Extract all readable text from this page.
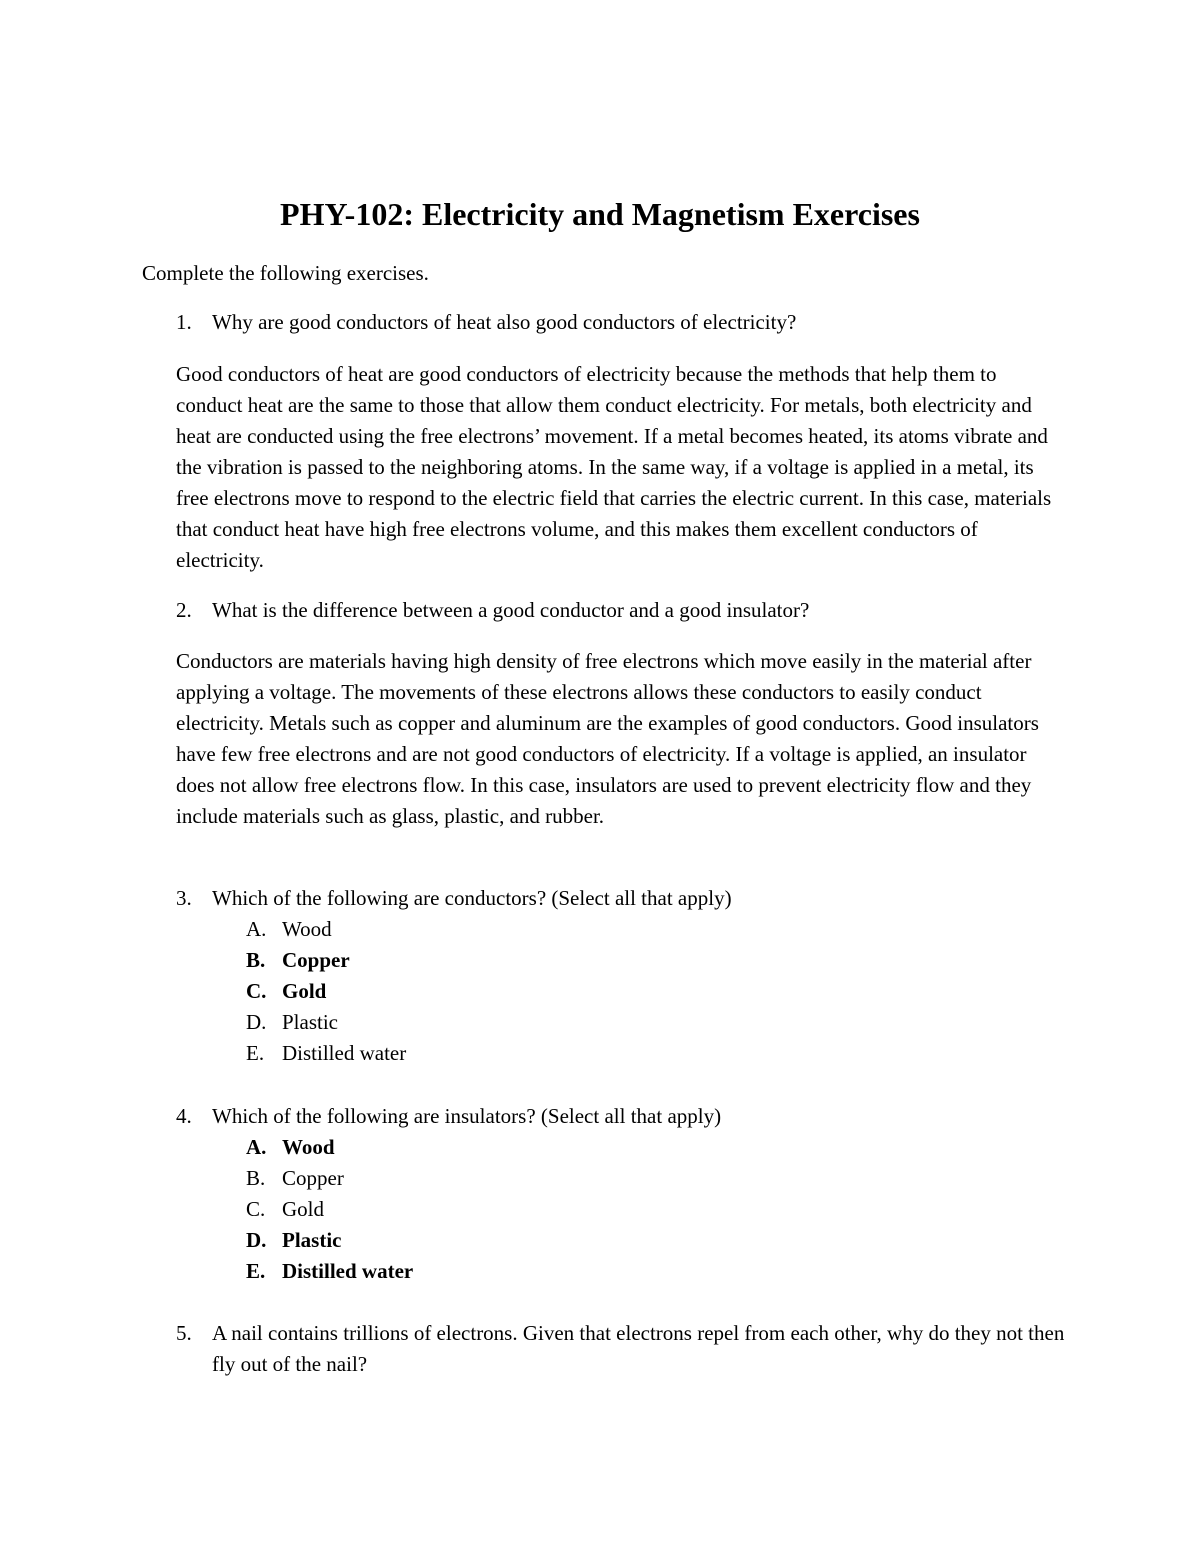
PHY-102: Electricity and Magnetism Exercises

Complete the following exercises.

1. Why are good conductors of heat also good conductors of electricity?

Good conductors of heat are good conductors of electricity because the methods that help them to conduct heat are the same to those that allow them conduct electricity. For metals, both electricity and heat are conducted using the free electrons’ movement. If a metal becomes heated, its atoms vibrate and the vibration is passed to the neighboring atoms. In the same way, if a voltage is applied in a metal, its free electrons move to respond to the electric field that carries the electric current. In this case, materials that conduct heat have high free electrons volume, and this makes them excellent conductors of electricity.

2. What is the difference between a good conductor and a good insulator?

Conductors are materials having high density of free electrons which move easily in the material after applying a voltage. The movements of these electrons allows these conductors to easily conduct electricity. Metals such as copper and aluminum are the examples of good conductors. Good insulators have few free electrons and are not good conductors of electricity. If a voltage is applied, an insulator does not allow free electrons flow. In this case, insulators are used to prevent electricity flow and they include materials such as glass, plastic, and rubber.

3. Which of the following are conductors? (Select all that apply)
A. Wood
B. Copper
C. Gold
D. Plastic
E. Distilled water
4. Which of the following are insulators? (Select all that apply)
A. Wood
B. Copper
C. Gold
D. Plastic
E. Distilled water
5. A nail contains trillions of electrons. Given that electrons repel from each other, why do they not then fly out of the nail?
